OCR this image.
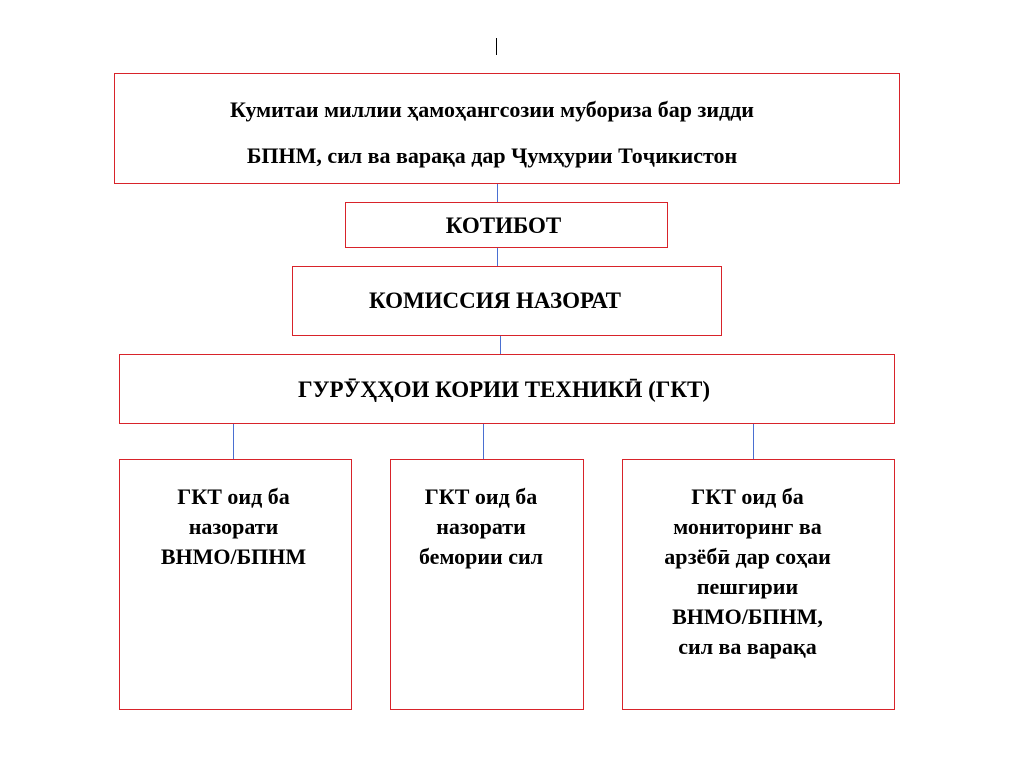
Кумитаи миллии ҳамоҳангсозии мубориза бар зидди
БПНМ, сил ва варақа дар Ҷумҳурии Тоҷикистон
КОТИБОТ
КОМИССИЯ НАЗОРАТ
ГУРӮҲҲОИ КОРИИ ТЕХНИКӢ (ГКТ)
ГКТ оид ба
назорати
ВНМО/БПНМ
ГКТ оид ба
назорати
бемории сил
ГКТ оид ба
мониторинг ва
арзёбӣ дар соҳаи
пешгирии
ВНМО/БПНМ,
сил ва варақа
